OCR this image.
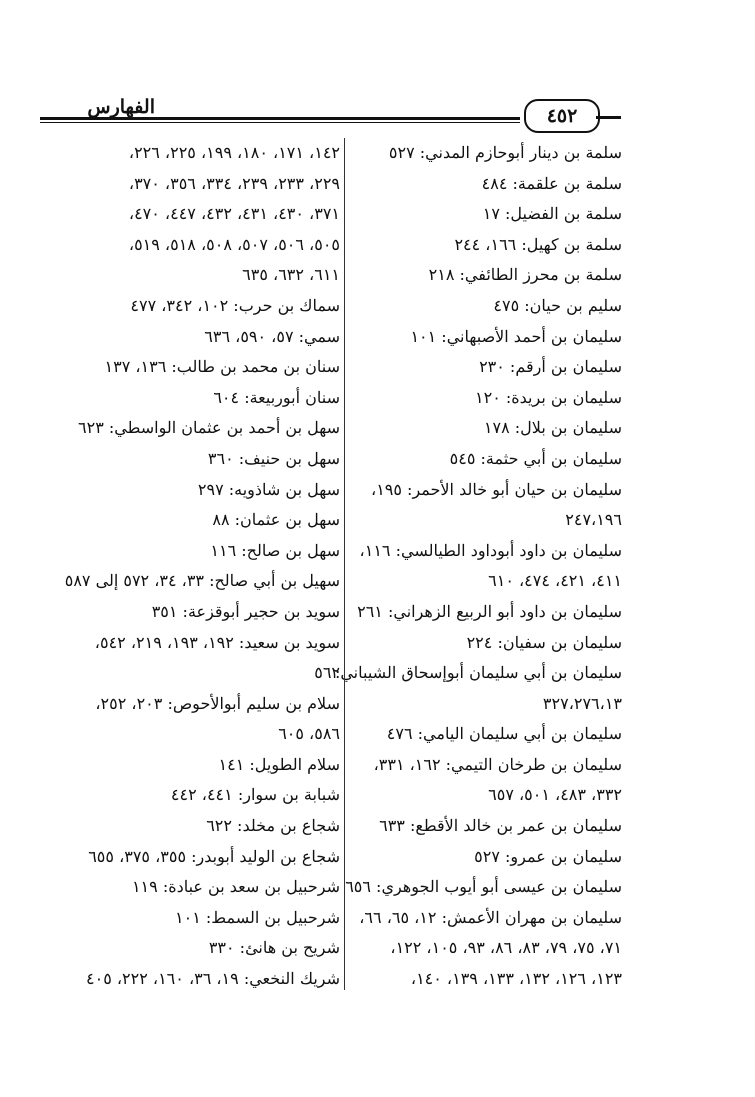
الفهارس	٤٥٢
سلمة بن دينار أبوحازم المدني: ٥٢٧
سلمة بن علقمة: ٤٨٤
سلمة بن الفضيل: ١٧
سلمة بن كهيل: ١٦٦، ٢٤٤
سلمة بن محرز الطائفي: ٢١٨
سليم بن حيان: ٤٧٥
سليمان بن أحمد الأصبهاني: ١٠١
سليمان بن أرقم: ٢٣٠
سليمان بن بريدة: ١٢٠
سليمان بن بلال: ١٧٨
سليمان بن أبي حثمة: ٥٤٥
سليمان بن حيان أبو خالد الأحمر: ١٩٥،
٢٤٧،١٩٦
سليمان بن داود أبوداود الطيالسي: ١١٦،
٤١١، ٤٢١، ٤٧٤، ٦١٠
سليمان بن داود أبو الربيع الزهراني: ٢٦١
سليمان بن سفيان: ٢٢٤
سليمان بن أبي سليمان أبوإسحاق الشيباني:
٣٢٧،٢٧٦،١٣
سليمان بن أبي سليمان اليامي: ٤٧٦
سليمان بن طرخان التيمي: ١٦٢، ٣٣١،
٣٣٢، ٤٨٣، ٥٠١، ٦٥٧
سليمان بن عمر بن خالد الأقطع: ٦٣٣
سليمان بن عمرو: ٥٢٧
سليمان بن عيسى أبو أيوب الجوهري: ٦٥٦
سليمان بن مهران الأعمش: ١٢، ٦٥، ٦٦،
٧١، ٧٥، ٧٩، ٨٣، ٨٦، ٩٣، ١٠٥، ١٢٢،
١٢٣، ١٢٦، ١٣٢، ١٣٣، ١٣٩، ١٤٠،
١٤٢، ١٧١، ١٨٠، ١٩٩، ٢٢٥، ٢٢٦،
٢٢٩، ٢٣٣، ٢٣٩، ٣٣٤، ٣٥٦، ٣٧٠،
٣٧١، ٤٣٠، ٤٣١، ٤٣٢، ٤٤٧، ٤٧٠،
٥٠٥، ٥٠٦، ٥٠٧، ٥٠٨، ٥١٨، ٥١٩،
٦١١، ٦٣٢، ٦٣٥
سماك بن حرب: ١٠٢، ٣٤٢، ٤٧٧
سمي: ٥٧، ٥٩٠، ٦٣٦
سنان بن محمد بن طالب: ١٣٦، ١٣٧
سنان أبوربيعة: ٦٠٤
سهل بن أحمد بن عثمان الواسطي: ٦٢٣
سهل بن حنيف: ٣٦٠
سهل بن شاذويه: ٢٩٧
سهل بن عثمان: ٨٨
سهل بن صالح: ١١٦
سهيل بن أبي صالح: ٣٣، ٣٤، ٥٧٢ إلى ٥٨٧
سويد بن حجير أبوقزعة: ٣٥١
سويد بن سعيد: ١٩٢، ١٩٣، ٢١٩، ٥٤٢،
٥٦٢
سلام بن سليم أبوالأحوص: ٢٠٣، ٢٥٢،
٥٨٦، ٦٠٥
سلام الطويل: ١٤١
شبابة بن سوار: ٤٤١، ٤٤٢
شجاع بن مخلد: ٦٢٢
شجاع بن الوليد أبوبدر: ٣٥٥، ٣٧٥، ٦٥٥
شرحبيل بن سعد بن عبادة: ١١٩
شرحبيل بن السمط: ١٠١
شريح بن هانئ: ٣٣٠
شريك النخعي: ١٩، ٣٦، ١٦٠، ٢٢٢، ٤٠٥
